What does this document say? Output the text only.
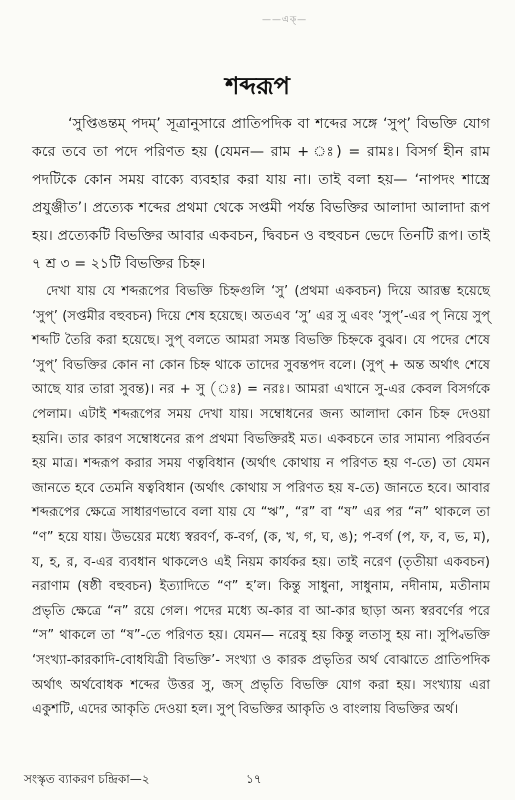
——এক্—
শব্দরূপ

‘সুপ্তিঙন্তম্ পদম্’ সূত্রানুসারে প্রাতিপদিক বা শব্দের সঙ্গে ‘সুপ্’ বিভক্তি যোগ করে তবে তা পদে পরিণত হয় (যেমন— রাম + ঃ) = রামঃ। বিসর্গ হীন রাম পদটিকে কোন সময় বাক্যে ব্যবহার করা যায় না। তাই বলা হয়— ‘নাপদং শাস্ত্রে প্রযুঞ্জীত’। প্রত্যেক শব্দের প্রথমা থেকে সপ্তমী পর্যন্ত বিভক্তির আলাদা আলাদা রূপ হয়। প্রত্যেকটি বিভক্তির আবার একবচন, দ্বিবচন ও বহুবচন ভেদে তিনটি রূপ। তাই ৭ শ্র ৩ = ২১টি বিভক্তির চিহ্ন।

দেখা যায় যে শব্দরূপের বিভক্তি চিহ্নগুলি ‘সু’ (প্রথমা একবচন) দিয়ে আরম্ভ হয়েছে ‘সুপ্’ (সপ্তমীর বহুবচন) দিয়ে শেষ হয়েছে। অতএব ‘সু’ এর সু এবং ‘সুপ্’-এর প্ নিয়ে সুপ্ শব্দটি তৈরি করা হয়েছে। সুপ্ বলতে আমরা সমস্ত বিভক্তি চিহ্নকে বুঝব। যে পদের শেষে ‘সুপ্’ বিভক্তির কোন না কোন চিহ্ন থাকে তাদের সুবন্তপদ বলে। (সুপ্ + অন্ত অর্থাৎ শেষে আছে যার তারা সুবন্ত)। নর + সু (ঃ) = নরঃ। আমরা এখানে সু-এর কেবল বিসর্গকে পেলাম। এটাই শব্দরূপের সময় দেখা যায়। সম্বোধনের জন্য আলাদা কোন চিহ্ন দেওয়া হয়নি। তার কারণ সম্বোধনের রূপ প্রথমা বিভক্তিরই মত। একবচনে তার সামান্য পরিবর্তন হয় মাত্র। শব্দরূপ করার সময় ণত্ববিধান (অর্থাৎ কোথায় ন পরিণত হয় ণ-তে) তা যেমন জানতে হবে তেমনি ষত্ববিধান (অর্থাৎ কোথায় স পরিণত হয় ষ-তে) জানতে হবে। আবার শব্দরূপের ক্ষেত্রে সাধারণভাবে বলা যায় যে “ঋ”, “র” বা “ষ” এর পর “ন” থাকলে তা “ণ” হয়ে যায়। উভয়ের মধ্যে স্বরবর্ণ, ক-বর্গ, (ক, খ, গ, ঘ, ঙ); প-বর্গ (প, ফ, ব, ভ, ম), য, হ, র, ব-এর ব্যবধান থাকলেও এই নিয়ম কার্যকর হয়। তাই নরেণ (তৃতীয়া একবচন) নরাণাম (ষষ্ঠী বহুবচন) ইত্যাদিতে “ণ” হ’ল। কিন্তু সাধুনা, সাধুনাম, নদীনাম, মতীনাম প্রভৃতি ক্ষেত্রে “ন” রয়ে গেল। পদের মধ্যে অ-কার বা আ-কার ছাড়া অন্য স্বরবর্ণের পরে “স” থাকলে তা “ষ”-তে পরিণত হয়। যেমন— নরেষু হয় কিন্তু লতাসু হয় না। সুপ্বিভক্তি ‘সংখ্যা-কারকাদি-বোধযিত্রী বিভক্তি’- সংখ্যা ও কারক প্রভৃতির অর্থ বোঝাতে প্রাতিপদিক অর্থাৎ অর্থবোধক শব্দের উত্তর সু, জস্ প্রভৃতি বিভক্তি যোগ করা হয়। সংখ্যায় এরা একুশটি, এদের আকৃতি দেওয়া হল। সুপ্ বিভক্তির আকৃতি ও বাংলায় বিভক্তির অর্থ।

সংস্কৃত ব্যাকরণ চন্দ্রিকা—২	১৭
